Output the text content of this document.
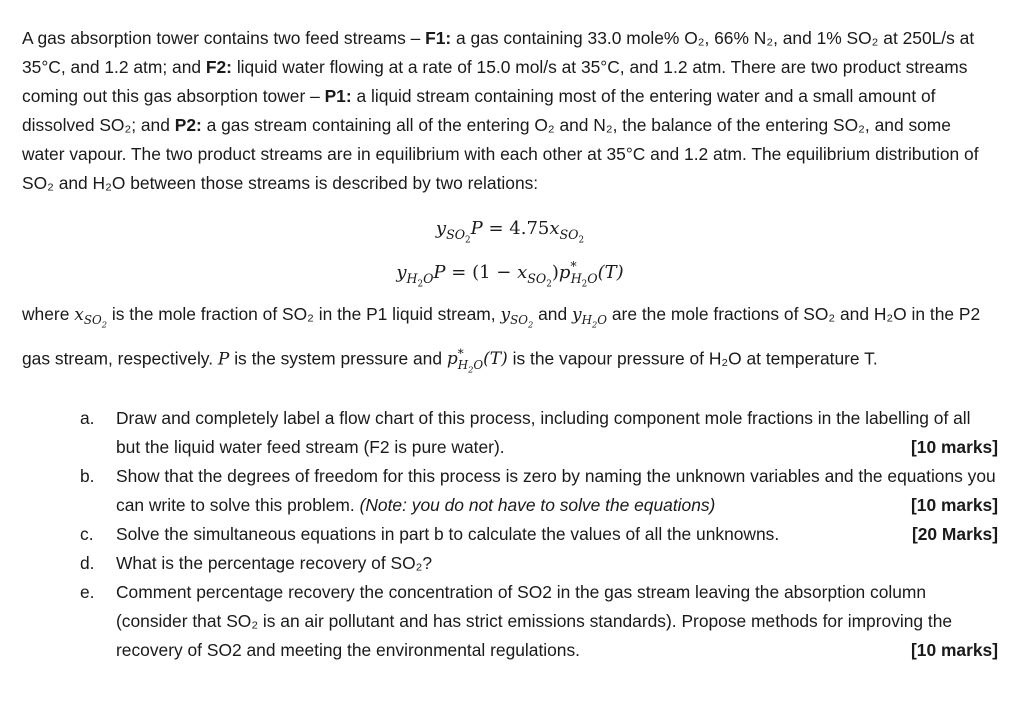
A gas absorption tower contains two feed streams – F1: a gas containing 33.0 mole% O₂, 66% N₂, and 1% SO₂ at 250L/s at 35°C, and 1.2 atm; and F2: liquid water flowing at a rate of 15.0 mol/s at 35°C, and 1.2 atm. There are two product streams coming out this gas absorption tower – P1: a liquid stream containing most of the entering water and a small amount of dissolved SO₂; and P2: a gas stream containing all of the entering O₂ and N₂, the balance of the entering SO₂, and some water vapour. The two product streams are in equilibrium with each other at 35°C and 1.2 atm. The equilibrium distribution of SO₂ and H₂O between those streams is described by two relations:

$y_{SO_2}P = 4.75x_{SO_2}$
$y_{H_2O}P = (1 - x_{SO_2})p^*_{H_2O}(T)$

where $x_{SO_2}$ is the mole fraction of SO₂ in the P1 liquid stream, $y_{SO_2}$ and $y_{H_2O}$ are the mole fractions of SO₂ and H₂O in the P2 gas stream, respectively. P is the system pressure and $p^*_{H_2O}(T)$ is the vapour pressure of H₂O at temperature T.

a. Draw and completely label a flow chart of this process, including component mole fractions in the labelling of all but the liquid water feed stream (F2 is pure water).	[10 marks]
b. Show that the degrees of freedom for this process is zero by naming the unknown variables and the equations you can write to solve this problem. (Note: you do not have to solve the equations)	[10 marks]
c. Solve the simultaneous equations in part b to calculate the values of all the unknowns.	[20 Marks]
d. What is the percentage recovery of SO₂?
e. Comment percentage recovery the concentration of SO2 in the gas stream leaving the absorption column (consider that SO₂ is an air pollutant and has strict emissions standards). Propose methods for improving the recovery of SO2 and meeting the environmental regulations.	[10 marks]
